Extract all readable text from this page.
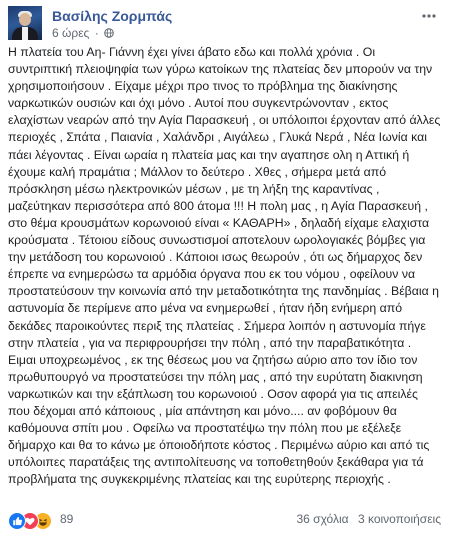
Βασίλης Ζορμπάς
6 ώρες ·

Η πλατεία του Αη- Γιάννη έχει γίνει άβατο εδω και πολλά χρόνια . Οι συντριπτική πλειοψηφία των γύρω κατοίκων της πλατείας δεν μπορούν να την χρησιμοποιήσουν . Είχαμε μέχρι προ τινος το πρόβλημα της διακίνησης ναρκωτικών ουσιών και όχι μόνο . Αυτοί που συγκεντρώνονταν , εκτος ελαχίστων νεαρών από την Αγία Παρασκευή , οι υπόλοιποι έρχονταν από άλλες περιοχές , Σπάτα , Παιανία , Χαλάνδρι , Αιγάλεω , Γλυκά Νερά , Νέα Ιωνία και πάει λέγοντας . Είναι ωραία η πλατεία μας και την αγαπησε ολη η Αττική ή έχουμε καλή πραμάτια ; Μάλλον το δεύτερο . Χθες , σήμερα μετά από πρόσκληση μέσω ηλεκτρονικών μέσων , με τη λήξη της καραντίνας , μαζεύτηκαν περισσότερα από 800 άτομα !!! Η πολη μας , η Αγία Παρασκευή , στο θέμα κρουσμάτων κορωνοιού είναι « ΚΑΘΑΡΗ» , δηλαδή είχαμε ελαχιστα κρούσματα . Τέτοιου είδους συνωστισμοί αποτελουν ωρολογιακές βόμβες για την μετάδοση του κορωνοιού . Κάποιοι ισως θεωρούν , ότι ως δήμαρχος δεν έπρεπε να ενημερώσω τα αρμόδια όργανα που εκ του νόμου , οφείλουν να προστατεύσουν την κοινωνία από την μεταδοτικότητα της πανδημίας . Βέβαια η αστυνομία δε περίμενε απο μένα να ενημερωθεί , ήταν ήδη ενήμερη από δεκάδες παροικούντες περιξ της πλατείας . Σήμερα λοιπόν η αστυνομία πήγε στην πλατεία , για να περιφρουρήσει την πόλη , από την παραβατικότητα . Ειμαι υποχρεωμένος , εκ της θέσεως μου να ζητήσω αύριο απο τον ίδιο τον πρωθυπουργό να προστατεύσει την πόλη μας , από την ευρύτατη διακινηση ναρκωτικών και την εξάπλωση του κορωνοιού . Οσον αφορά για τις απειλές που δέχομαι από κάποιους , μία απάντηση και μόνο.... αν φοβόμουν θα καθόμουνα σπίτι μου . Οφείλω να προστατέψω την πόλη που με εξέλεξε δήμαρχο και θα το κάνω με όποιοδήποτε κόστος . Περιμένω αύριο και από τις υπόλοιπες παρατάξεις της αντιπολίτευσης να τοποθετηθούν ξεκάθαρα για τά προβλήματα της συγκεκριμένης πλατείας και της ευρύτερης περιοχής .

89	36 σχόλια 3 κοινοποιήσεις
